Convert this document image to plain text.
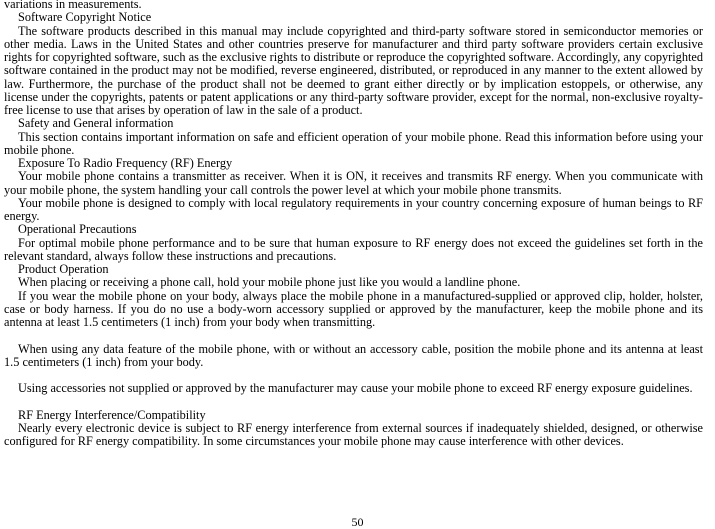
variations in measurements.

Software Copyright Notice

The software products described in this manual may include copyrighted and third-party software stored in semiconductor memories or other media. Laws in the United States and other countries preserve for manufacturer and third party software providers certain exclusive rights for copyrighted software, such as the exclusive rights to distribute or reproduce the copyrighted software. Accordingly, any copyrighted software contained in the product may not be modified, reverse engineered, distributed, or reproduced in any manner to the extent allowed by law. Furthermore, the purchase of the product shall not be deemed to grant either directly or by implication estoppels, or otherwise, any license under the copyrights, patents or patent applications or any third-party software provider, except for the normal, non-exclusive royalty-free license to use that arises by operation of law in the sale of a product.

Safety and General information

This section contains important information on safe and efficient operation of your mobile phone. Read this information before using your mobile phone.

Exposure To Radio Frequency (RF) Energy

Your mobile phone contains a transmitter as receiver. When it is ON, it receives and transmits RF energy. When you communicate with your mobile phone, the system handling your call controls the power level at which your mobile phone transmits.

Your mobile phone is designed to comply with local regulatory requirements in your country concerning exposure of human beings to RF energy.

Operational Precautions

For optimal mobile phone performance and to be sure that human exposure to RF energy does not exceed the guidelines set forth in the relevant standard, always follow these instructions and precautions.

Product Operation

When placing or receiving a phone call, hold your mobile phone just like you would a landline phone.

If you wear the mobile phone on your body, always place the mobile phone in a manufactured-supplied or approved clip, holder, holster, case or body harness. If you do no use a body-worn accessory supplied or approved by the manufacturer, keep the mobile phone and its antenna at least 1.5 centimeters (1 inch) from your body when transmitting.

When using any data feature of the mobile phone, with or without an accessory cable, position the mobile phone and its antenna at least 1.5 centimeters (1 inch) from your body.

Using accessories not supplied or approved by the manufacturer may cause your mobile phone to exceed RF energy exposure guidelines.

RF Energy Interference/Compatibility

Nearly every electronic device is subject to RF energy interference from external sources if inadequately shielded, designed, or otherwise configured for RF energy compatibility. In some circumstances your mobile phone may cause interference with other devices.

50
